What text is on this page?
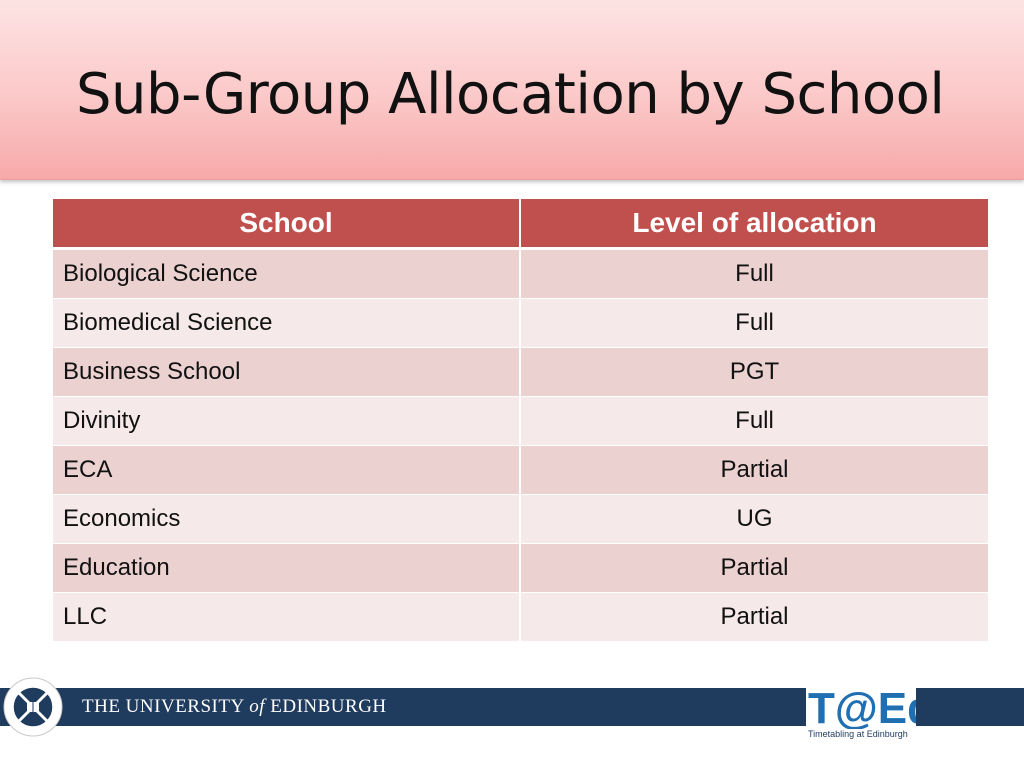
Sub-Group Allocation by School
School	Level of allocation
Biological Science	Full
Biomedical Science	Full
Business School	PGT
Divinity	Full
ECA	Partial
Economics	UG
Education	Partial
LLC	Partial
THE UNIVERSITY of EDINBURGH	T@E
Timetabling at Edinburgh
